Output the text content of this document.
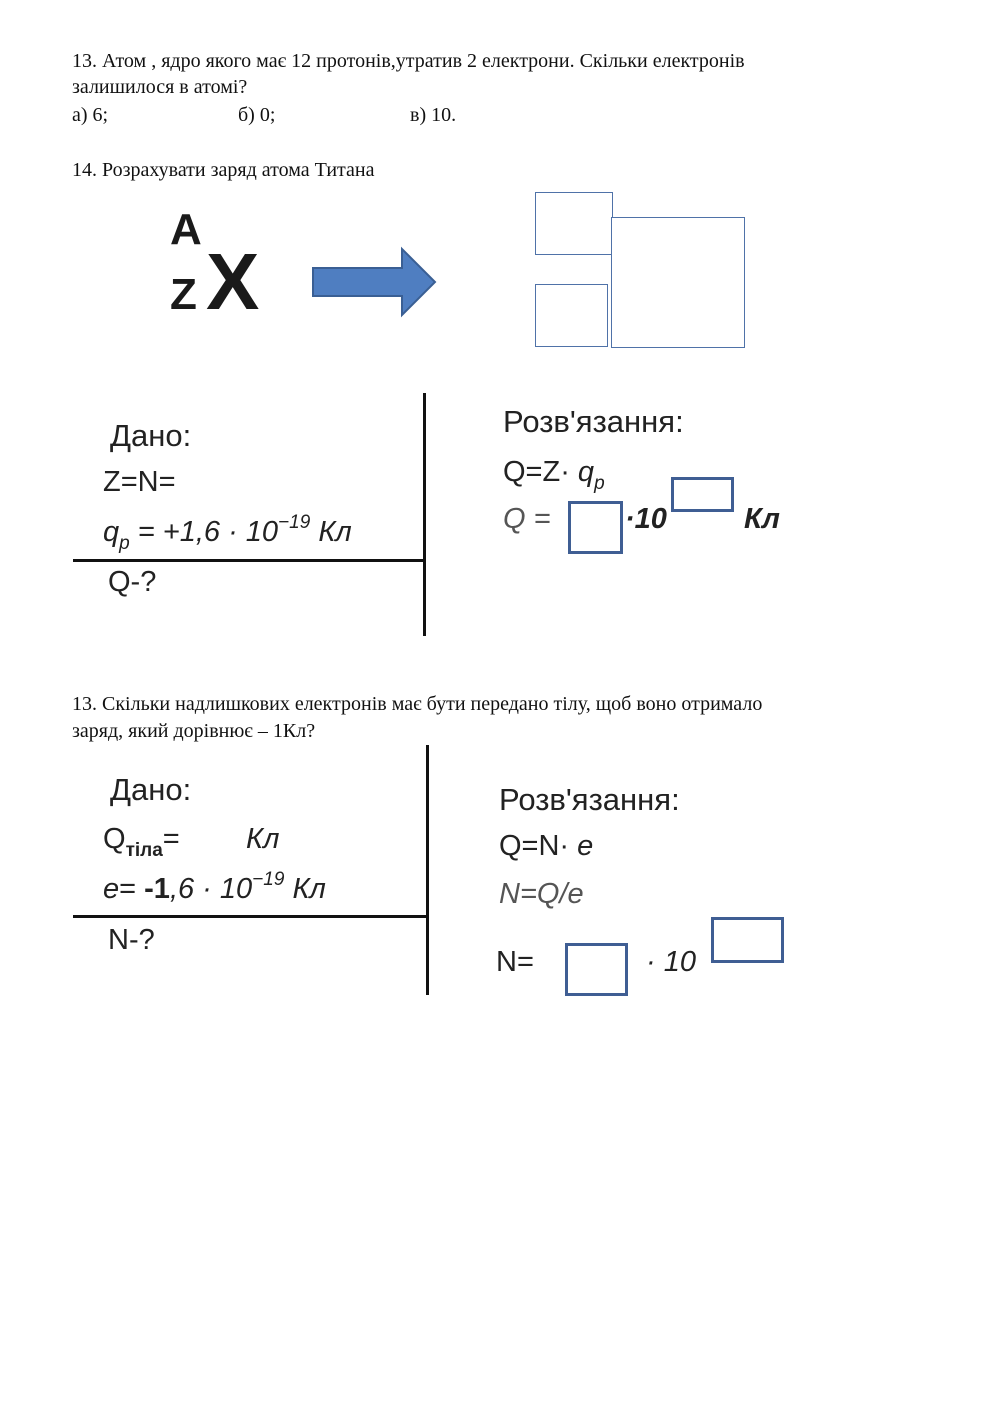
13. Атом , ядро якого має 12 протонів,утратив 2 електрони. Скільки електронів
залишилося в атомі?
а) 6;	б) 0;	в) 10.
14. Розрахувати заряд атома Титана
A
Z X
Дано:
Z=N=
$q_p = +1,6 \cdot 10^{-19}$ Кл
Q-?
Розв'язання:
$Q=Z\cdot q_p$
Q =	·10	Кл
13. Скільки надлишкових електронів має бути передано тілу, щоб воно отримало
заряд, який дорівнює – 1Кл?
Дано:
$Q_{тіла}=$ Кл
$e= -1,6 \cdot 10^{-19}$ Кл
N-?
Розв'язання:
Q=N· e
N=Q/e
N=	· 10
